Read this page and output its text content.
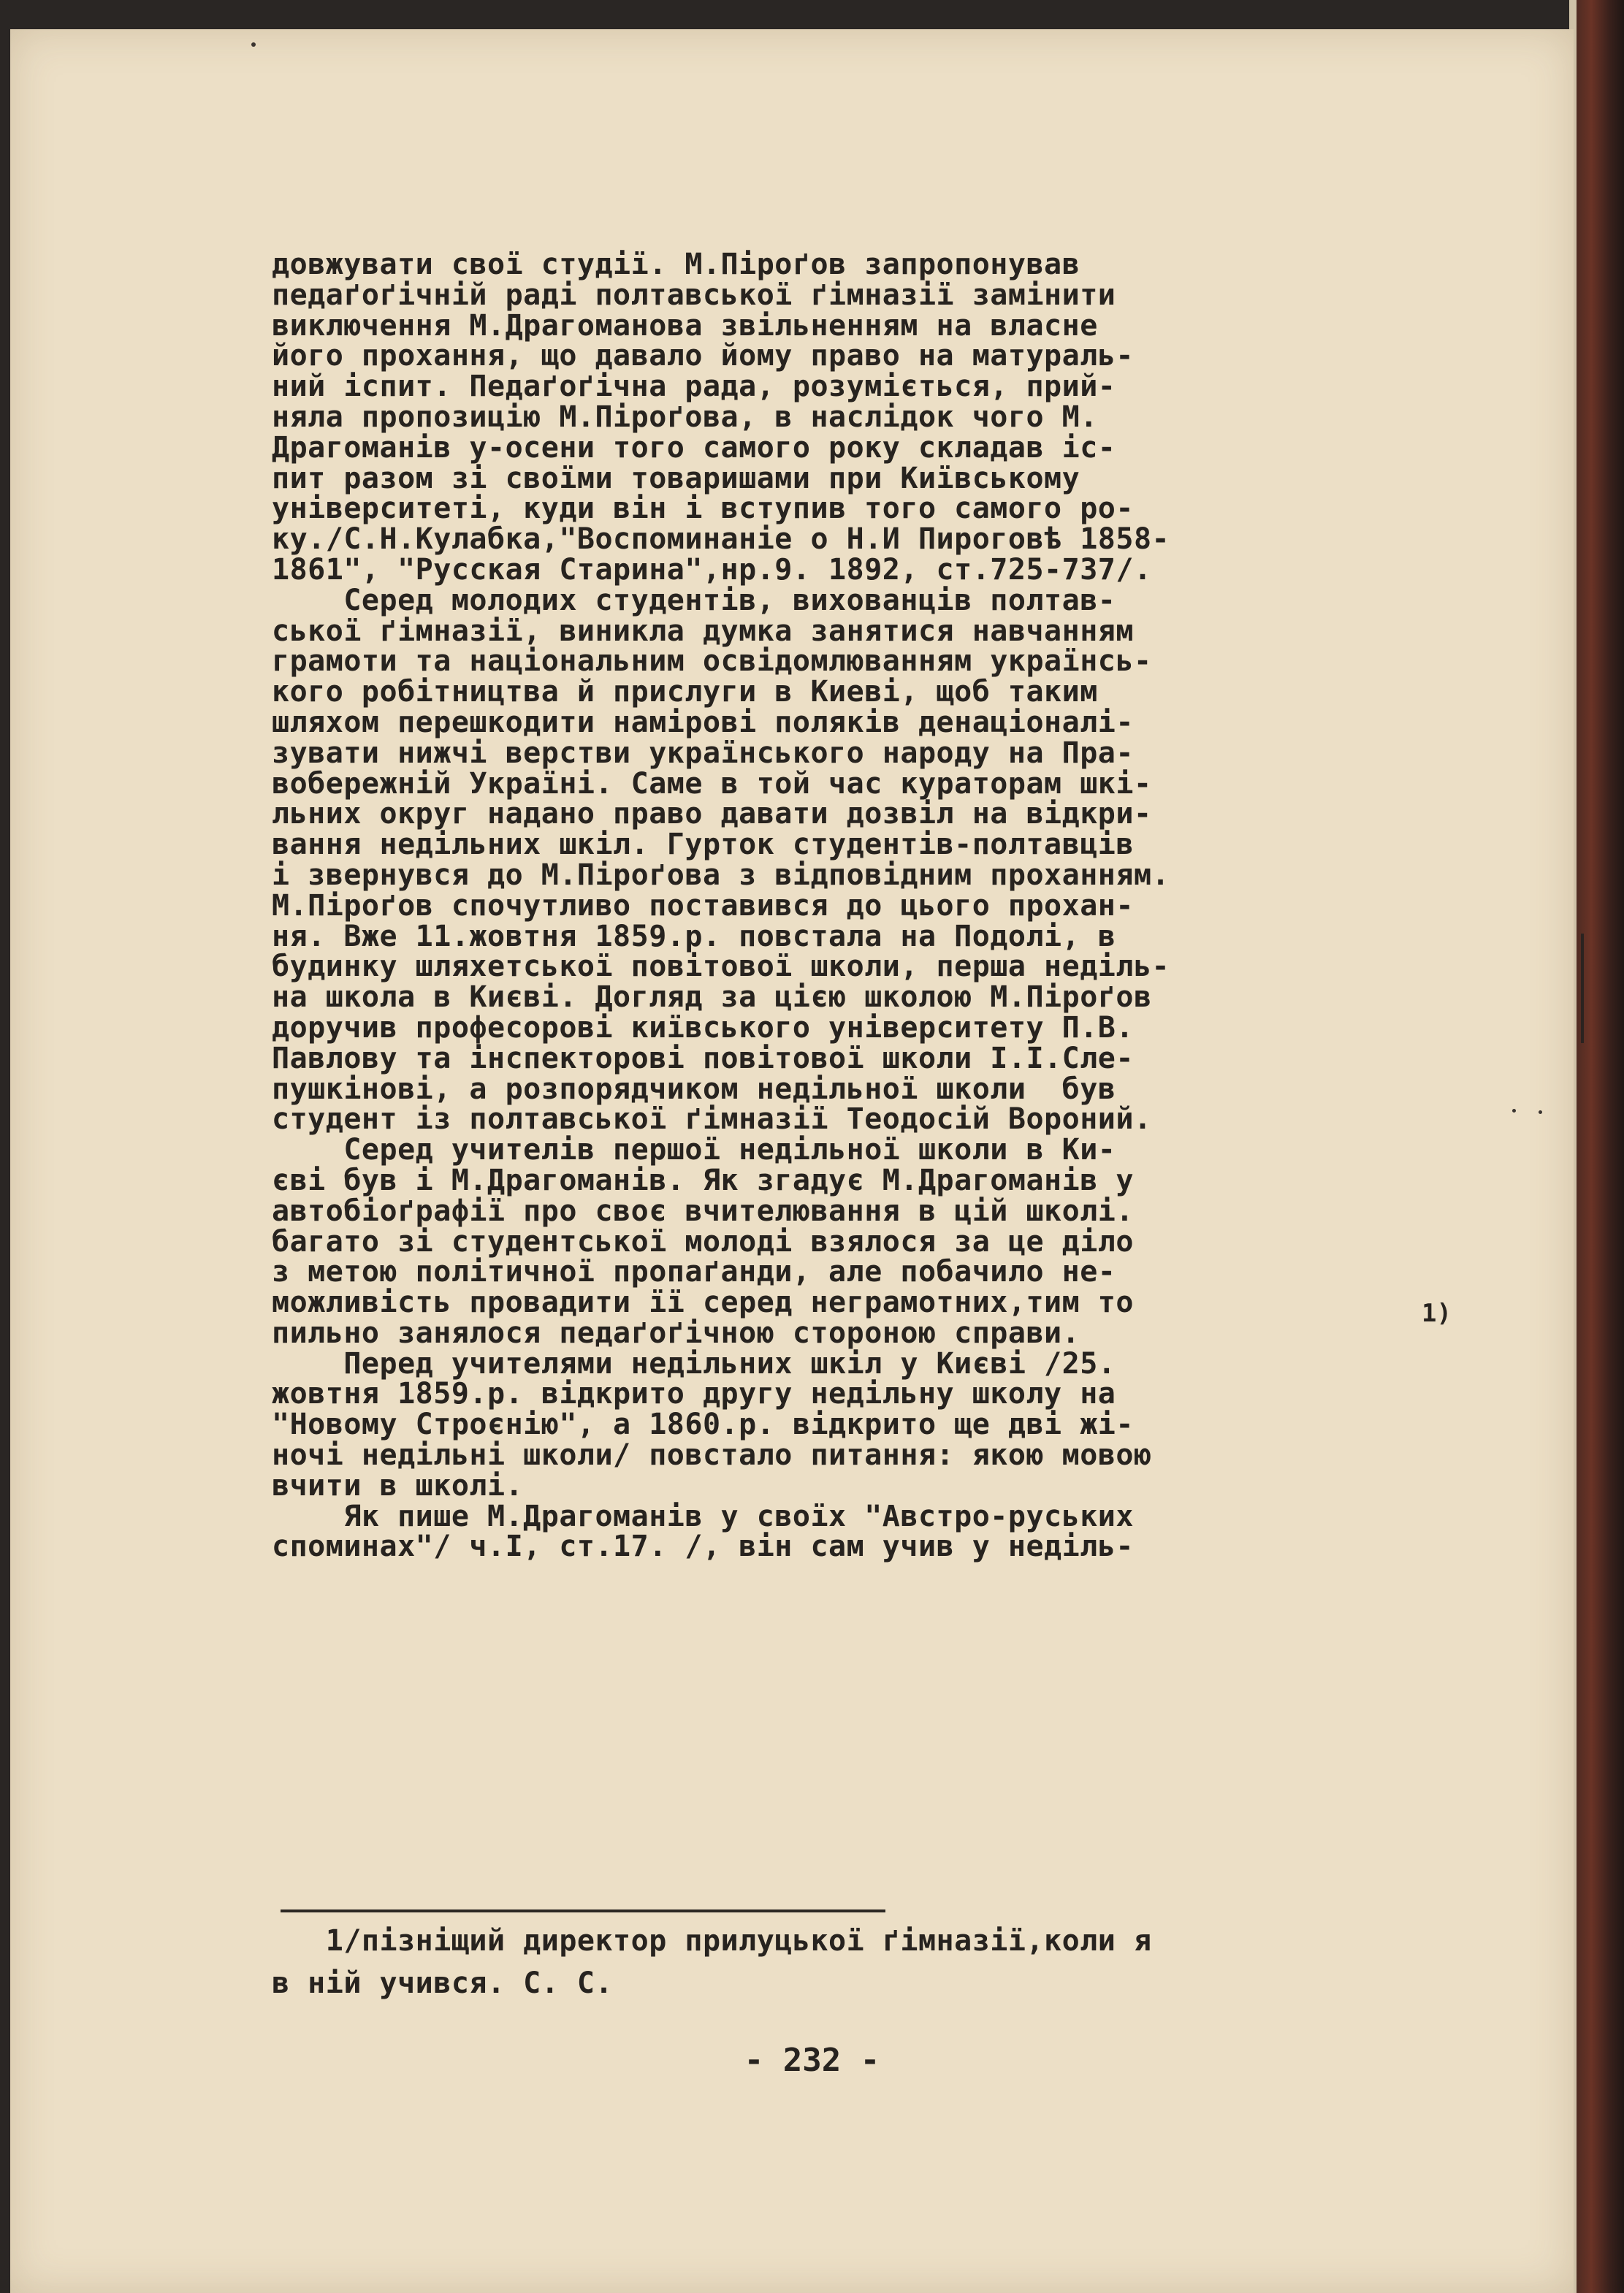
довжувати свої студії. М.Піроґов запропонував
педаґоґічній раді полтавської ґімназії замінити
виключення М.Драгоманова звільненням на власне
його прохання, що давало йому право на матураль-
ний іспит. Педаґоґічна рада, розуміється, прий-
няла пропозицію М.Піроґова, в наслідок чого М.
Драгоманів у-осени того самого року складав іс-
пит разом зі своїми товаришами при Київському
університеті, куди він і вступив того самого ро-
ку./С.Н.Кулабка,"Воспоминаніе о Н.И Пироговѣ 1858-
1861", "Русская Старина",нр.9. 1892, ст.725-737/.
Серед молодих студентів, вихованців полтав-
ської ґімназії, виникла думка занятися навчанням
грамоти та національним освідомлюванням українсь-
кого робітництва й прислуги в Киеві, щоб таким
шляхом перешкодити намірові поляків денаціоналі-
зувати нижчі верстви українського народу на Пра-
вобережній Україні. Саме в той час кураторам шкі-
льних округ надано право давати дозвіл на відкри-
вання недільних шкіл. Гурток студентів-полтавців
і звернувся до М.Піроґова з відповідним проханням.
М.Піроґов спочутливо поставився до цього прохан-
ня. Вже 11.жовтня 1859.р. повстала на Подолі, в
будинку шляхетської повітової школи, перша неділь-
на школа в Києві. Догляд за цією школою М.Піроґов
доручив професорові київського університету П.В.
Павлову та інспекторові повітової школи І.І.Сле-
пушкінові, а розпорядчиком недільної школи  був
студент із полтавської ґімназії Теодосій Вороний.
Серед учителів першої недільної школи в Ки-
єві був і М.Драгоманів. Як згадує М.Драгоманів у
автобіоґрафії про своє вчителювання в цій школі.
багато зі студентської молоді взялося за це діло
з метою політичної пропаґанди, але побачило не-
можливість провадити її серед неграмотних,тим то
пильно занялося педаґоґічною стороною справи.
Перед учителями недільних шкіл у Києві /25.
жовтня 1859.р. відкрито другу недільну школу на
"Новому Строєнію", а 1860.р. відкрито ще дві жі-
ночі недільні школи/ повстало питання: якою мовою
вчити в школі.
Як пише М.Драгоманів у своїх "Австро-руських
споминах"/ ч.І, ст.17. /, він сам учив у неділь-
1)
1/пізніщий директор прилуцької ґімназії,коли я
в ній учився. С. С.
- 232 -
